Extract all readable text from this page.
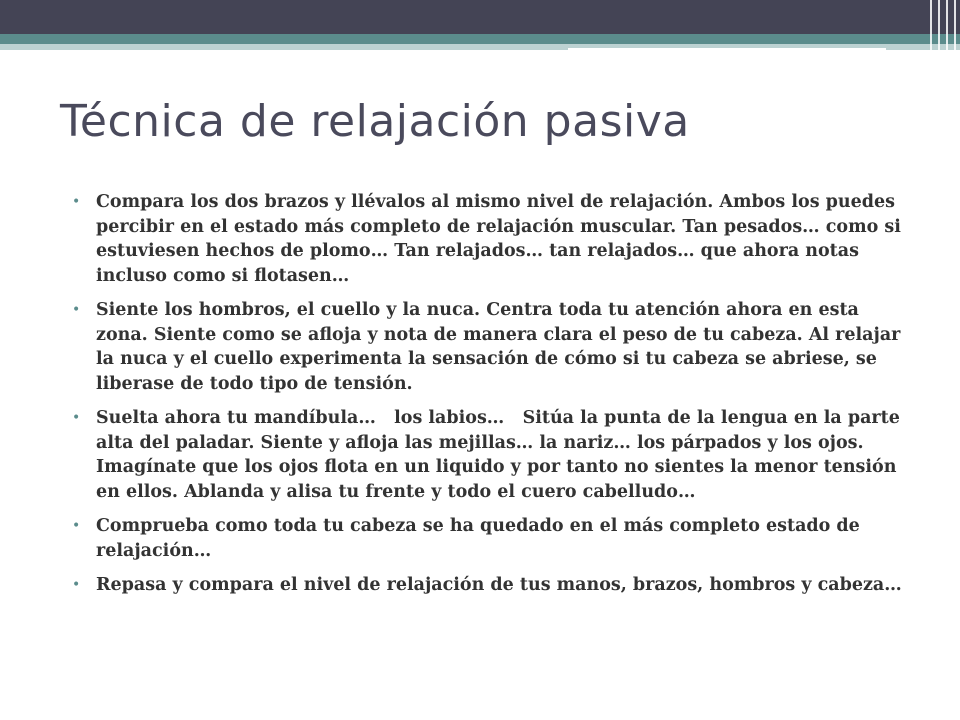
Técnica de relajación pasiva
• Compara los dos brazos y llévalos al mismo nivel de relajación. Ambos los puedes percibir en el estado más completo de relajación muscular. Tan pesados… como si estuviesen hechos de plomo… Tan relajados… tan relajados… que ahora notas incluso como si flotasen…
• Siente los hombros, el cuello y la nuca. Centra toda tu atención ahora en esta zona. Siente como se afloja y nota de manera clara el peso de tu cabeza. Al relajar la nuca y el cuello experimenta la sensación de cómo si tu cabeza se abriese, se liberase de todo tipo de tensión.
• Suelta ahora tu mandíbula…   los labios…   Sitúa la punta de la lengua en la parte alta del paladar. Siente y afloja las mejillas… la nariz… los párpados y los ojos. Imagínate que los ojos flota en un liquido y por tanto no sientes la menor tensión en ellos. Ablanda y alisa tu frente y todo el cuero cabelludo…
• Comprueba como toda tu cabeza se ha quedado en el más completo estado de relajación…
• Repasa y compara el nivel de relajación de tus manos, brazos, hombros y cabeza…
